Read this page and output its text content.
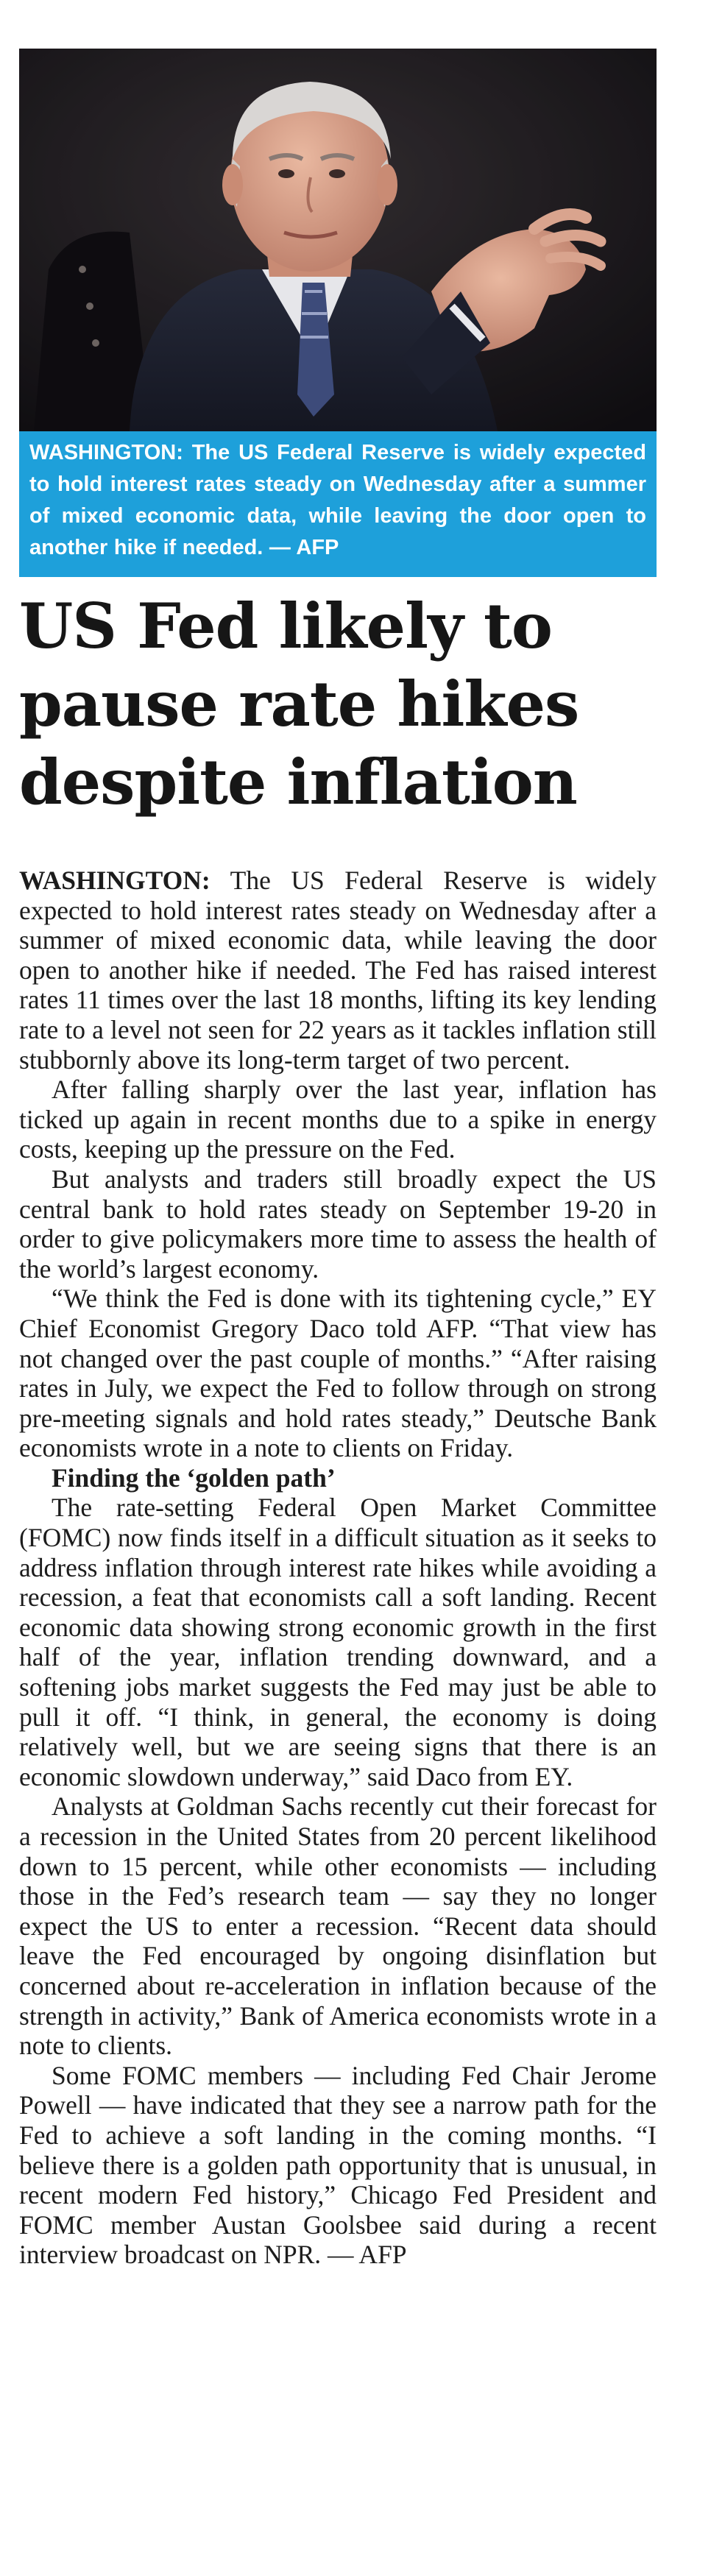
WASHINGTON: The US Federal Reserve is widely expected to hold interest rates steady on Wednesday after a summer of mixed economic data, while leaving the door open to another hike if needed. — AFP
US Fed likely to pause rate hikes despite inflation

WASHINGTON: The US Federal Reserve is widely expected to hold interest rates steady on Wednesday after a summer of mixed economic data, while leaving the door open to another hike if needed. The Fed has raised interest rates 11 times over the last 18 months, lifting its key lending rate to a level not seen for 22 years as it tackles inflation still stubbornly above its long-term target of two percent.

After falling sharply over the last year, inflation has ticked up again in recent months due to a spike in energy costs, keeping up the pressure on the Fed.

But analysts and traders still broadly expect the US central bank to hold rates steady on September 19-20 in order to give policymakers more time to assess the health of the world’s largest economy.

“We think the Fed is done with its tightening cycle,” EY Chief Economist Gregory Daco told AFP. “That view has not changed over the past couple of months.” “After raising rates in July, we expect the Fed to follow through on strong pre-meeting signals and hold rates steady,” Deutsche Bank economists wrote in a note to clients on Friday.

Finding the ‘golden path’

The rate-setting Federal Open Market Committee (FOMC) now finds itself in a difficult situation as it seeks to address inflation through interest rate hikes while avoiding a recession, a feat that economists call a soft landing. Recent economic data showing strong economic growth in the first half of the year, inflation trending downward, and a softening jobs market suggests the Fed may just be able to pull it off. “I think, in general, the economy is doing relatively well, but we are seeing signs that there is an economic slowdown underway,” said Daco from EY.

Analysts at Goldman Sachs recently cut their forecast for a recession in the United States from 20 percent likelihood down to 15 percent, while other economists — including those in the Fed’s research team — say they no longer expect the US to enter a recession. “Recent data should leave the Fed encouraged by ongoing disinflation but concerned about re-acceleration in inflation because of the strength in activity,” Bank of America economists wrote in a note to clients.

Some FOMC members — including Fed Chair Jerome Powell — have indicated that they see a narrow path for the Fed to achieve a soft landing in the coming months. “I believe there is a golden path opportunity that is unusual, in recent modern Fed history,” Chicago Fed President and FOMC member Austan Goolsbee said during a recent interview broadcast on NPR. — AFP
